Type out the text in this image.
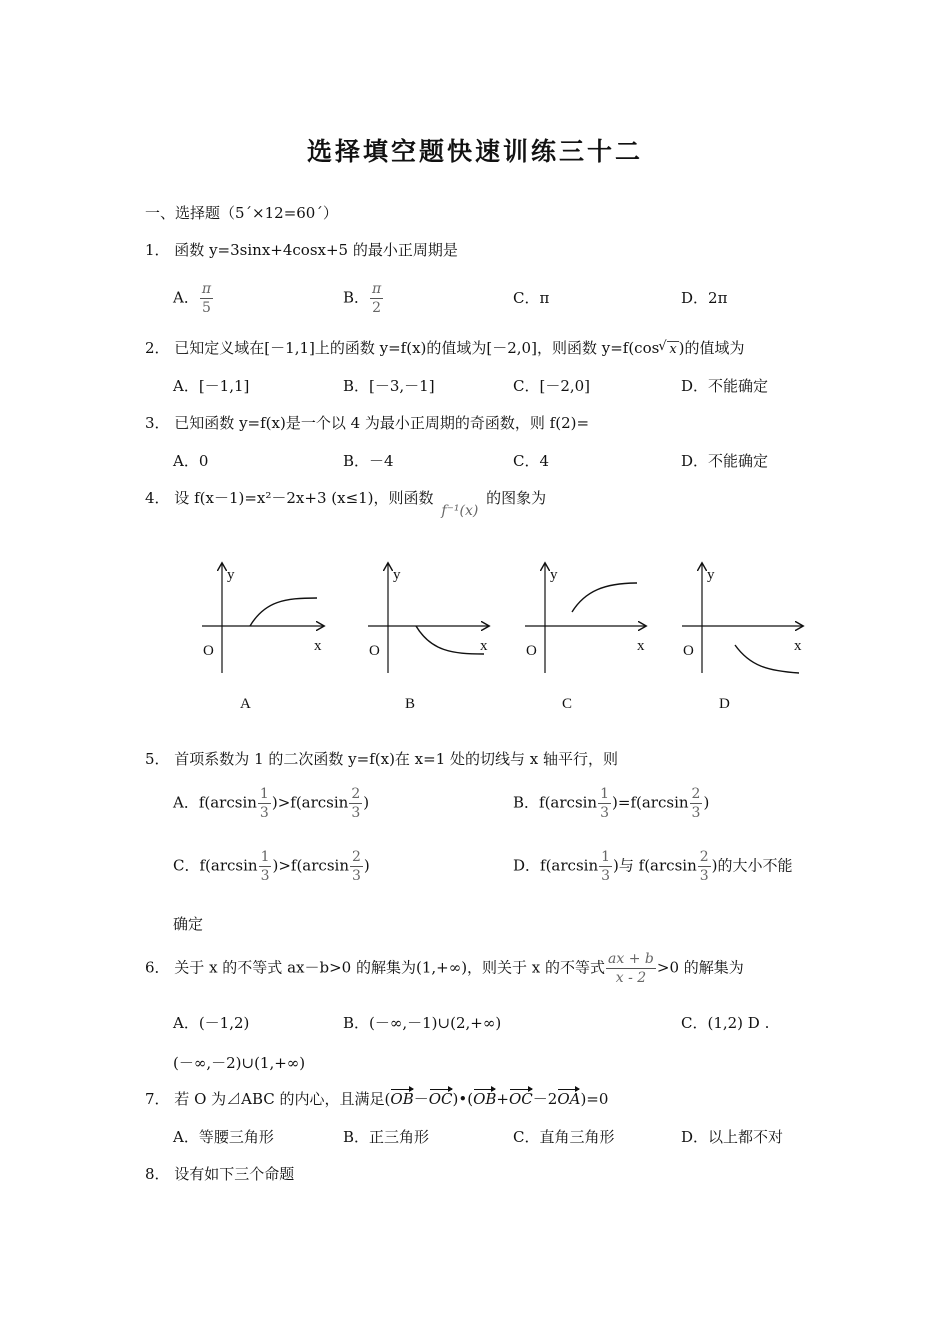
选择填空题快速训练三十二
一、选择题（5´×12=60´）
1． 函数 y=3sinx+4cosx+5 的最小正周期是
A． $\frac{\pi}{5}$	B． $\frac{\pi}{2}$	C．π	D．2π
2． 已知定义域在[－1,1]上的函数 y=f(x)的值域为[－2,0]，则函数 y=f(cos√ x )的值域为
A．[－1,1]	B．[－3,－1]	C．[－2,0]	D．不能确定
3． 已知函数 y=f(x)是一个以 4 为最小正周期的奇函数，则 f(2)=
A．0	B．－4	C．4	D．不能确定
4． 设 f(x－1)=x²－2x+3 (x≤1)，则函数 f⁻¹(x) 的图象为
y
x
O
A
y
x
O
B
y
x
O
C
y
x
O
D
5． 首项系数为 1 的二次函数 y=f(x)在 x=1 处的切线与 x 轴平行，则
A．$f(\arcsin \frac{1}{3} )>f(\arcsin \frac{2}{3}$ )	B．$f(\arcsin \frac{1}{3} )=f(\arcsin \frac{2}{3}$ )
C．$f(\arcsin \frac{1}{3} )>f(\arcsin \frac{2}{3}$ )	D．$f(\arcsin \frac{1}{3}$ )与 $f(\arcsin \frac{2}{3}$ )的大小不能
确定
6． 关于 x 的不等式 ax－b>0 的解集为(1,+∞)，则关于 x 的不等式 $\frac{ax + b}{x - 2} >0$ 的解集为
A．(－1,2)	B．(－∞,－1)∪(2,+∞)	C．(1,2) D .
(－∞,－2)∪(1,+∞)
7． 若 O 为⊿ABC 的内心，且满足(OB－OC)•(OB+OC－2OA)=0
A．等腰三角形	B．正三角形	C．直角三角形	D．以上都不对
8． 设有如下三个命题
